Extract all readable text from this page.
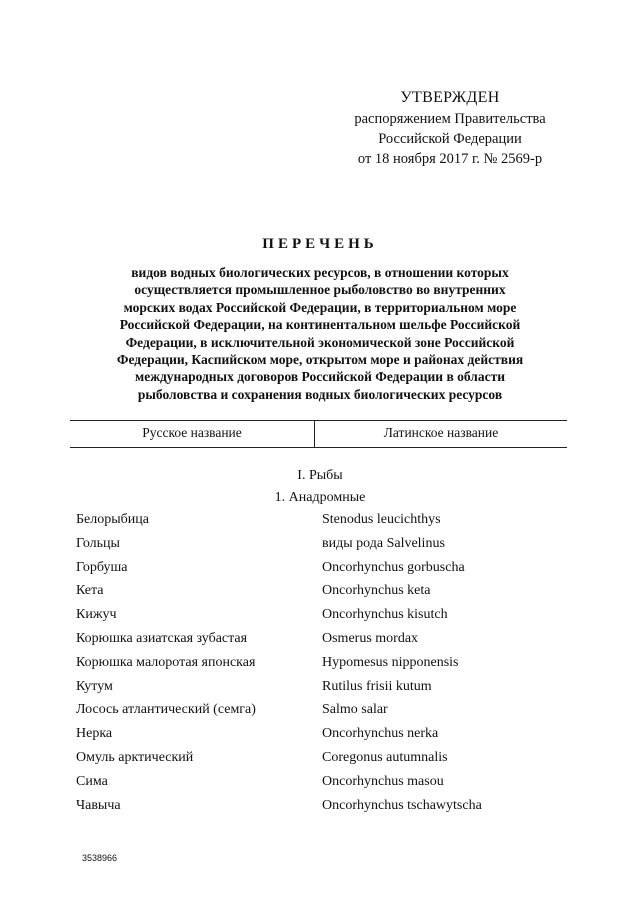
УТВЕРЖДЕН
распоряжением Правительства
Российской Федерации
от 18 ноября 2017 г. № 2569-р
ПЕРЕЧЕНЬ
видов водных биологических ресурсов, в отношении которых
осуществляется промышленное рыболовство во внутренних
морских водах Российской Федерации, в территориальном море
Российской Федерации, на континентальном шельфе Российской
Федерации, в исключительной экономической зоне Российской
Федерации, Каспийском море, открытом море и районах действия
международных договоров Российской Федерации в области
рыболовства и сохранения водных биологических ресурсов
Русское название	Латинское название
I. Рыбы
1. Анадромные
Белорыбица	Stenodus leucichthys
Гольцы	виды рода Salvelinus
Горбуша	Oncorhynchus gorbuscha
Кета	Oncorhynchus keta
Кижуч	Oncorhynchus kisutch
Корюшка азиатская зубастая	Osmerus mordax
Корюшка малоротая японская	Hypomesus nipponensis
Кутум	Rutilus frisii kutum
Лосось атлантический (семга)	Salmo salar
Нерка	Oncorhynchus nerka
Омуль арктический	Coregonus autumnalis
Сима	Oncorhynchus masou
Чавыча	Oncorhynchus tschawytscha
3538966
